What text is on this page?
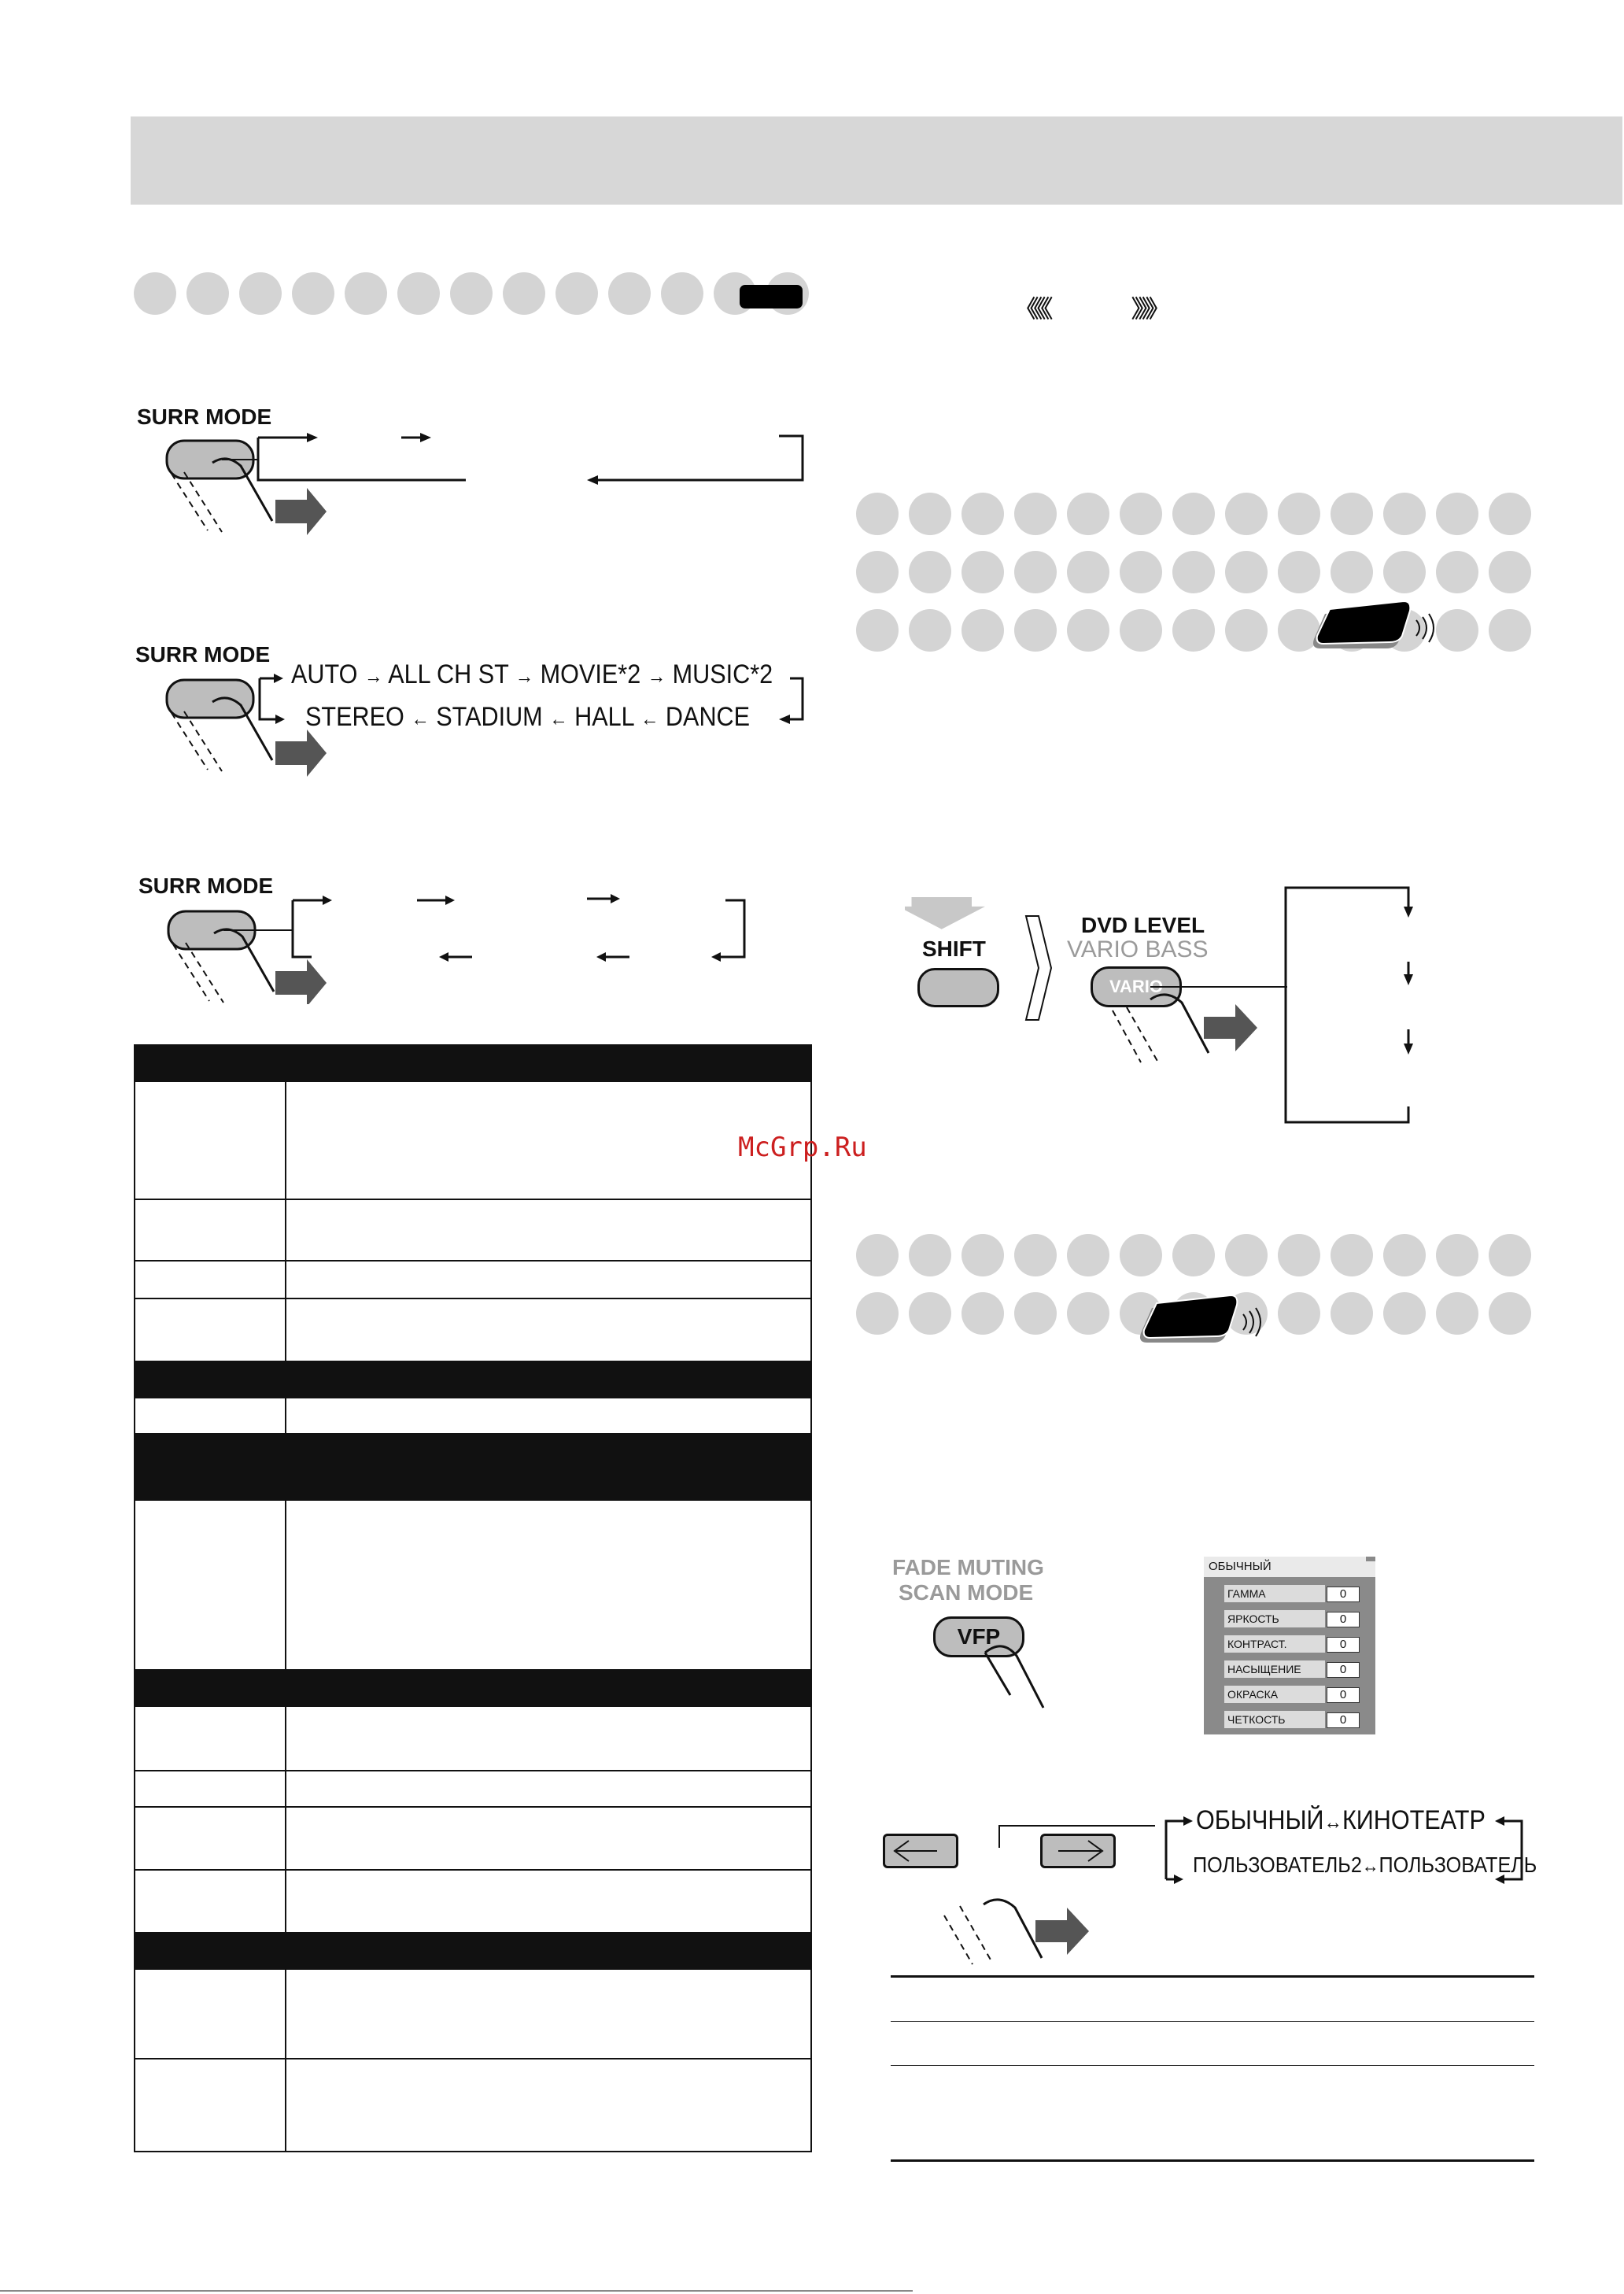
《《《	》》》
SURR MODE
SURR MODE
AUTO → ALL CH ST → MOVIE*2 → MUSIC*2
STEREO ← STADIUM ← HALL ← DANCE
SURR MODE

SHIFT
DVD LEVEL
VARIO BASS
VARIO
McGrp.Ru
FADE MUTING
SCAN MODE
VFP
ОБЫЧНЫЙ
ГАММА	0
ЯРКОСТЬ	0
КОНТРАСТ.	0
НАСЫЩЕНИЕ	0
ОКРАСКА	0
ЧЕТКОСТЬ	0
ОБЫЧНЫЙ↔КИНОТЕАТР
ПОЛЬЗОВАТЕЛЬ2↔ПОЛЬЗОВАТЕЛЬ
